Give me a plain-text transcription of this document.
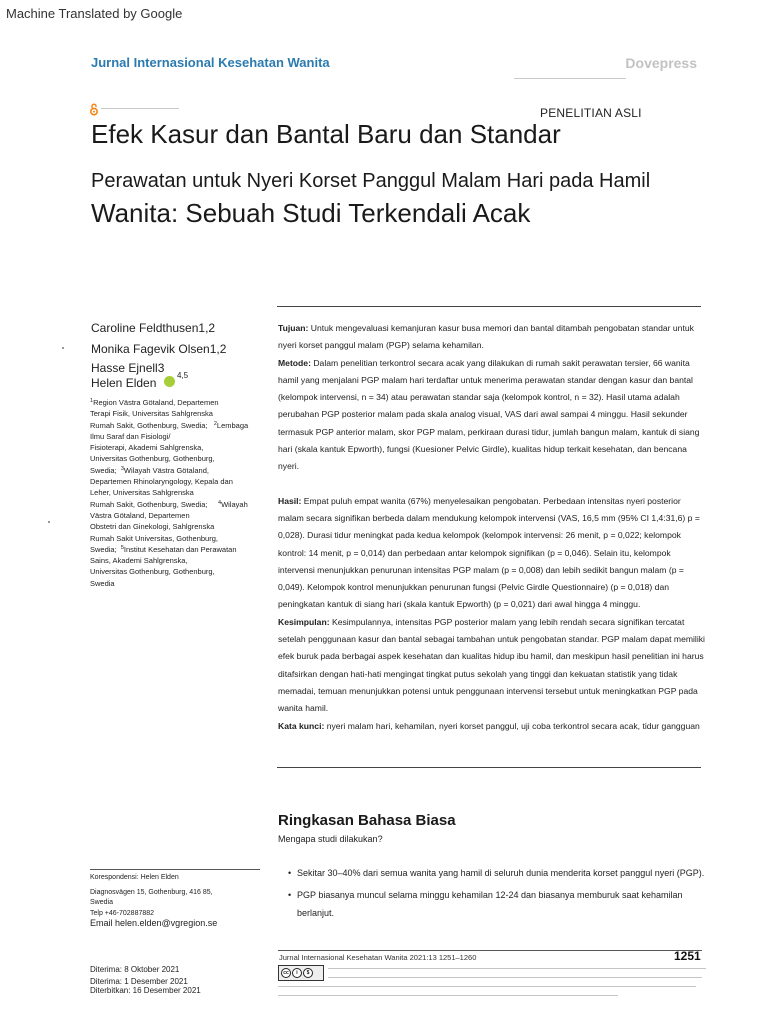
Machine Translated by Google
Jurnal Internasional Kesehatan Wanita	Dovepress
PENELITIAN ASLI
Efek Kasur dan Bantal Baru dan Standar
Perawatan untuk Nyeri Korset Panggul Malam Hari pada Hamil
Wanita: Sebuah Studi Terkendali Acak
Caroline Feldthusen1,2
Monika Fagevik Olsen1,2
Hasse Ejnell3
Helen Elden
4,5
$^1$Region Västra Götaland, Departemen
Terapi Fisik, Universitas Sahlgrenska
Rumah Sakit, Gothenburg, Swedia; $^2$Lembaga
Ilmu Saraf dan Fisiologi/
Fisioterapi, Akademi Sahlgrenska,
Universitas Gothenburg, Gothenburg,
Swedia; $^3$Wilayah Västra Götaland,
Departemen Rhinolaryngology, Kepala dan
Leher, Universitas Sahlgrenska
Rumah Sakit, Gothenburg, Swedia; $^4$Wilayah
Västra Götaland, Departemen
Obstetri dan Ginekologi, Sahlgrenska
Rumah Sakit Universitas, Gothenburg,
Swedia; $^5$Institut Kesehatan dan Perawatan
Sains, Akademi Sahlgrenska,
Universitas Gothenburg, Gothenburg,
Swedia

Tujuan: Untuk mengevaluasi kemanjuran kasur busa memori dan bantal ditambah pengobatan standar untuk nyeri korset panggul malam (PGP) selama kehamilan.

Metode: Dalam penelitian terkontrol secara acak yang dilakukan di rumah sakit perawatan tersier, 66 wanita hamil yang menjalani PGP malam hari terdaftar untuk menerima perawatan standar dengan kasur dan bantal (kelompok intervensi, n = 34) atau perawatan standar saja (kelompok kontrol, n = 32). Hasil utama adalah perubahan PGP posterior malam pada skala analog visual, VAS dari awal sampai 4 minggu. Hasil sekunder termasuk PGP anterior malam, skor PGP malam, perkiraan durasi tidur, jumlah bangun malam, kantuk di siang hari (skala kantuk Epworth), fungsi (Kuesioner Pelvic Girdle), kualitas hidup terkait kesehatan, dan bencana nyeri.

Hasil: Empat puluh empat wanita (67%) menyelesaikan pengobatan. Perbedaan intensitas nyeri posterior malam secara signifikan berbeda dalam mendukung kelompok intervensi (VAS, 16,5 mm (95% CI 1,4:31,6) p = 0,028). Durasi tidur meningkat pada kedua kelompok (kelompok intervensi: 26 menit, p = 0,022; kelompok kontrol: 14 menit, p = 0,014) dan perbedaan antar kelompok signifikan (p = 0,046). Selain itu, kelompok intervensi menunjukkan penurunan intensitas PGP malam (p = 0,008) dan lebih sedikit bangun malam (p = 0,049). Kelompok kontrol menunjukkan penurunan fungsi (Pelvic Girdle Questionnaire) (p = 0,018) dan peningkatan kantuk di siang hari (skala kantuk Epworth) (p = 0,021) dari awal hingga 4 minggu.

Kesimpulan: Kesimpulannya, intensitas PGP posterior malam yang lebih rendah secara signifikan tercatat setelah penggunaan kasur dan bantal sebagai tambahan untuk pengobatan standar. PGP malam dapat memiliki efek buruk pada berbagai aspek kesehatan dan kualitas hidup ibu hamil, dan meskipun hasil penelitian ini harus ditafsirkan dengan hati-hati mengingat tingkat putus sekolah yang tinggi dan kekuatan statistik yang tidak memadai, temuan menunjukkan potensi untuk penggunaan intervensi tersebut untuk meningkatkan PGP pada wanita hamil.

Kata kunci: nyeri malam hari, kehamilan, nyeri korset panggul, uji coba terkontrol secara acak, tidur gangguan

Ringkasan Bahasa Biasa
Mengapa studi dilakukan?
• Sekitar 30–40% dari semua wanita yang hamil di seluruh dunia menderita korset panggul nyeri (PGP).
• PGP biasanya muncul selama minggu kehamilan 12-24 dan biasanya memburuk saat kehamilan berlanjut.
Korespondensi: Helen Elden
Diagnosvägen 15, Gothenburg, 416 85,
Swedia
Telp +46-702887882
Email helen.elden@vgregion.se
Jurnal Internasional Kesehatan Wanita 2021:13 1251–1260	1251
Diterima: 8 Oktober 2021
Diterima: 1 Desember 2021
Diterbitkan: 16 Desember 2021
cc	i	$
